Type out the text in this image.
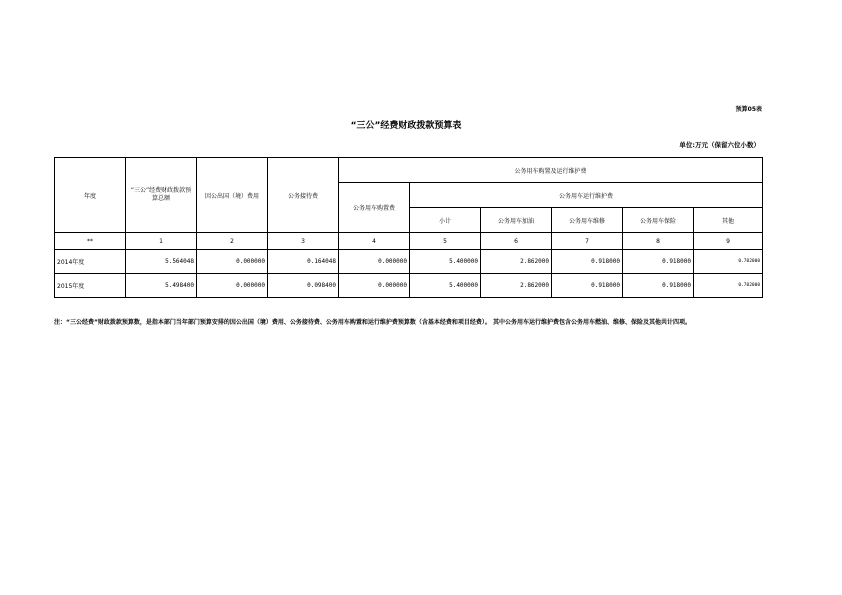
预算05表
“三公”经费财政拨款预算表
单位:万元（保留六位小数）
年度	“三公”经费财政拨款预算总额	因公出国（境）费用	公务接待费	公务用车购置及运行维护费					
				公务用车购置费	公务用车运行维护费				
					小计	公务用车加油	公务用车维修	公务用车保险	其他
**	1	2	3	4	5	6	7	8	9
2014年度	5.564048	0.000000	0.164048	0.000000	5.400000	2.862000	0.918000	0.918000	0.702000
2015年度	5.498400	0.000000	0.098400	0.000000	5.400000	2.862000	0.918000	0.918000	0.702000
注：“三公经费”财政拨款预算数，是指本部门当年部门预算安排的因公出国（境）费用、公务接待费、公务用车购置和运行维护费预算数（含基本经费和项目经费）。 其中公务用车运行维护费包含公务用车燃油、维修、保险及其他共计四项。
